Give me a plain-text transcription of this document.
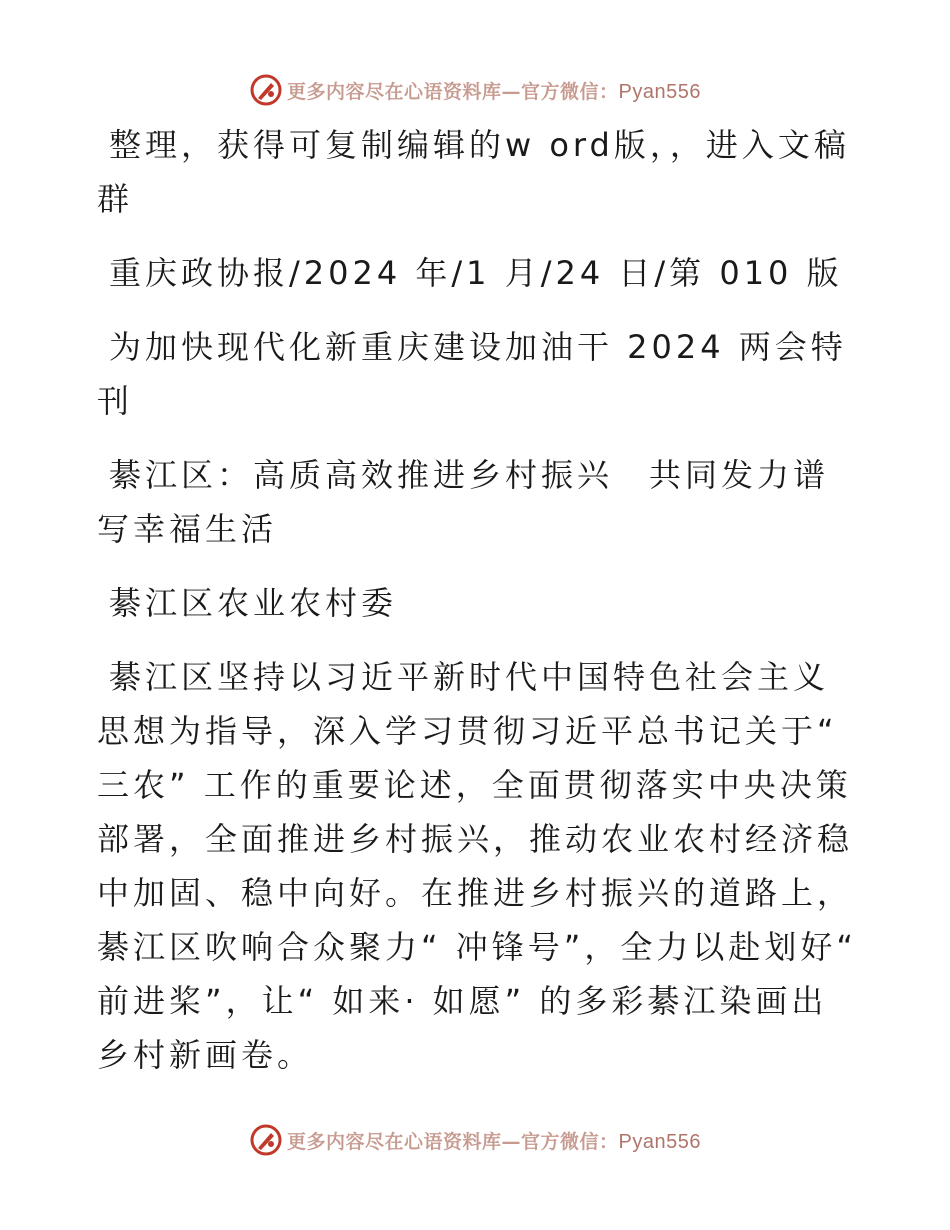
更多内容尽在心语资料库—官方微信：Pyan556

整理，获得可复制编辑的w ord版，，进入文稿群

重庆政协报/2024 年/1 月/24 日/第 010 版

为加快现代化新重庆建设加油干 2024 两会特刊

綦江区：高质高效推进乡村振兴　共同发力谱写幸福生活

綦江区农业农村委

綦江区坚持以习近平新时代中国特色社会主义思想为指导，深入学习贯彻习近平总书记关于“ 三农” 工作的重要论述，全面贯彻落实中央决策部署，全面推进乡村振兴，推动农业农村经济稳中加固、稳中向好。在推进乡村振兴的道路上，綦江区吹响合众聚力“ 冲锋号”，全力以赴划好“ 前进桨”，让“ 如来· 如愿” 的多彩綦江染画出乡村新画卷。

更多内容尽在心语资料库—官方微信：Pyan556
